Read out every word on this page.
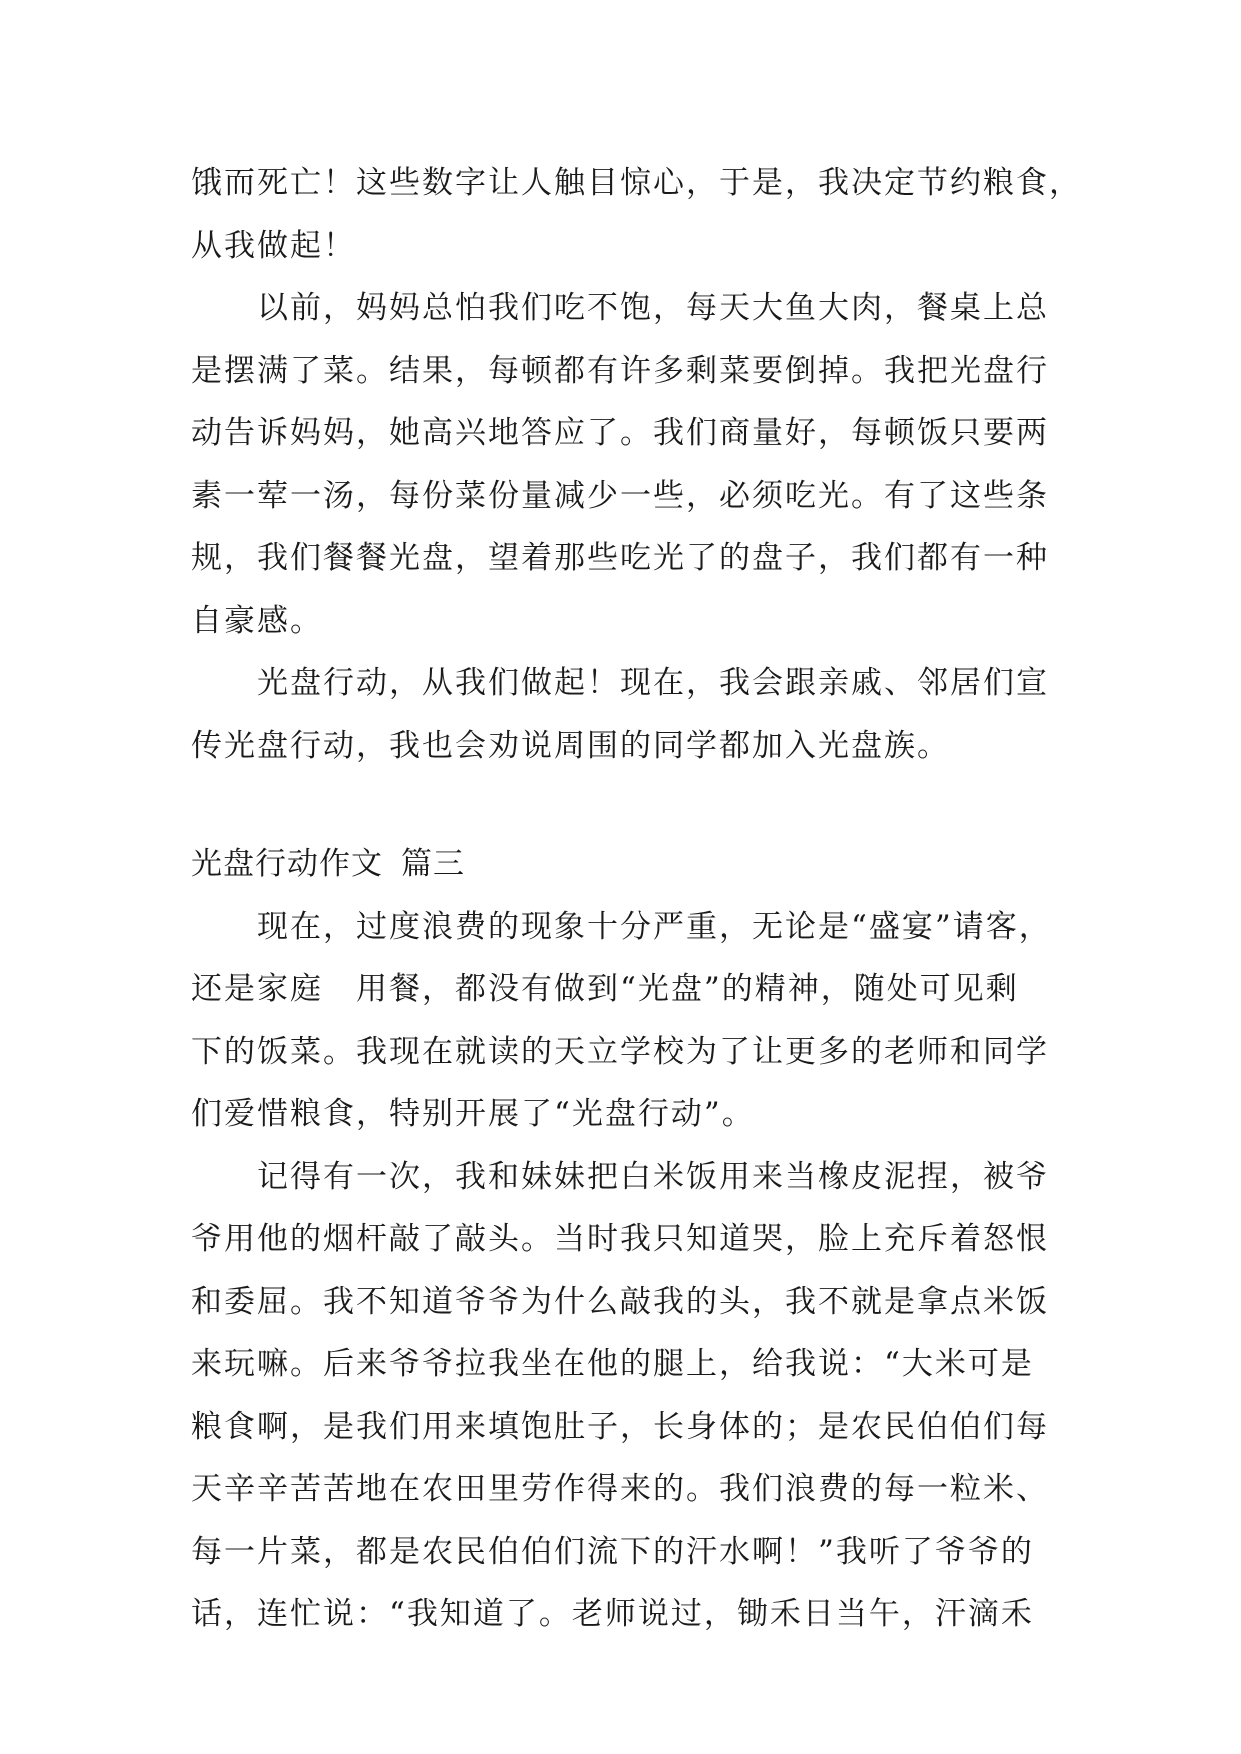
饿而死亡！这些数字让人触目惊心，于是，我决定节约粮食，
从我做起！
以前，妈妈总怕我们吃不饱，每天大鱼大肉，餐桌上总
是摆满了菜。结果，每顿都有许多剩菜要倒掉。我把光盘行
动告诉妈妈，她高兴地答应了。我们商量好，每顿饭只要两
素一荤一汤，每份菜份量减少一些，必须吃光。有了这些条
规，我们餐餐光盘，望着那些吃光了的盘子，我们都有一种
自豪感。
光盘行动，从我们做起！现在，我会跟亲戚、邻居们宣
传光盘行动，我也会劝说周围的同学都加入光盘族。
光盘行动作文 篇三
现在，过度浪费的现象十分严重，无论是“盛宴”请客，
还是家庭　用餐，都没有做到“光盘”的精神，随处可见剩
下的饭菜。我现在就读的天立学校为了让更多的老师和同学
们爱惜粮食，特别开展了“光盘行动”。
记得有一次，我和妹妹把白米饭用来当橡皮泥捏，被爷
爷用他的烟杆敲了敲头。当时我只知道哭，脸上充斥着怒恨
和委屈。我不知道爷爷为什么敲我的头，我不就是拿点米饭
来玩嘛。后来爷爷拉我坐在他的腿上，给我说：“大米可是
粮食啊，是我们用来填饱肚子，长身体的；是农民伯伯们每
天辛辛苦苦地在农田里劳作得来的。我们浪费的每一粒米、
每一片菜，都是农民伯伯们流下的汗水啊！”我听了爷爷的
话，连忙说：“我知道了。老师说过，锄禾日当午，汗滴禾
